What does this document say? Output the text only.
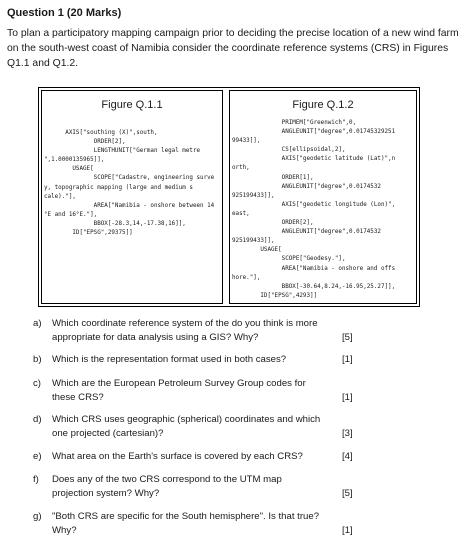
Question 1 (20 Marks)
To plan a participatory mapping campaign prior to deciding the precise location of a new wind farm on the south-west coast of Namibia consider the coordinate reference systems (CRS) in Figures Q1.1 and Q1.2.
Figure Q.1.1
AXIS["southing (X)",south,
ORDER[2],
LENGTHUNIT["German legal metre
",1.0000135965]],
USAGE[
SCOPE["Cadastre, engineering surve
y, topographic mapping (large and medium s
cale)."],
AREA["Namibia - onshore between 14
°E and 16°E."],
BBOX[-28.3,14,-17.38,16]],
ID["EPSG",29375]]
Figure Q.1.2
PRIMEM["Greenwich",0,
ANGLEUNIT["degree",0.01745329251
99433]],
CS[ellipsoidal,2],
AXIS["geodetic latitude (Lat)",n
orth,
ORDER[1],
ANGLEUNIT["degree",0.0174532
925199433]],
AXIS["geodetic longitude (Lon)",
east,
ORDER[2],
ANGLEUNIT["degree",0.0174532
925199433]],
USAGE[
SCOPE["Geodesy."],
AREA["Namibia - onshore and offs
hore."],
BBOX[-30.64,8.24,-16.95,25.27]],
ID["EPSG",4293]]
a) Which coordinate reference system of the do you think is more appropriate for data analysis using a GIS? Why?	[5]
b) Which is the representation format used in both cases?	[1]
c) Which are the European Petroleum Survey Group codes for these CRS?	[1]
d) Which CRS uses geographic (spherical) coordinates and which one projected (cartesian)?	[3]
e) What area on the Earth's surface is covered by each CRS?	[4]
f) Does any of the two CRS correspond to the UTM map projection system? Why?	[5]
g) "Both CRS are specific for the South hemisphere". Is that true? Why?	[1]
